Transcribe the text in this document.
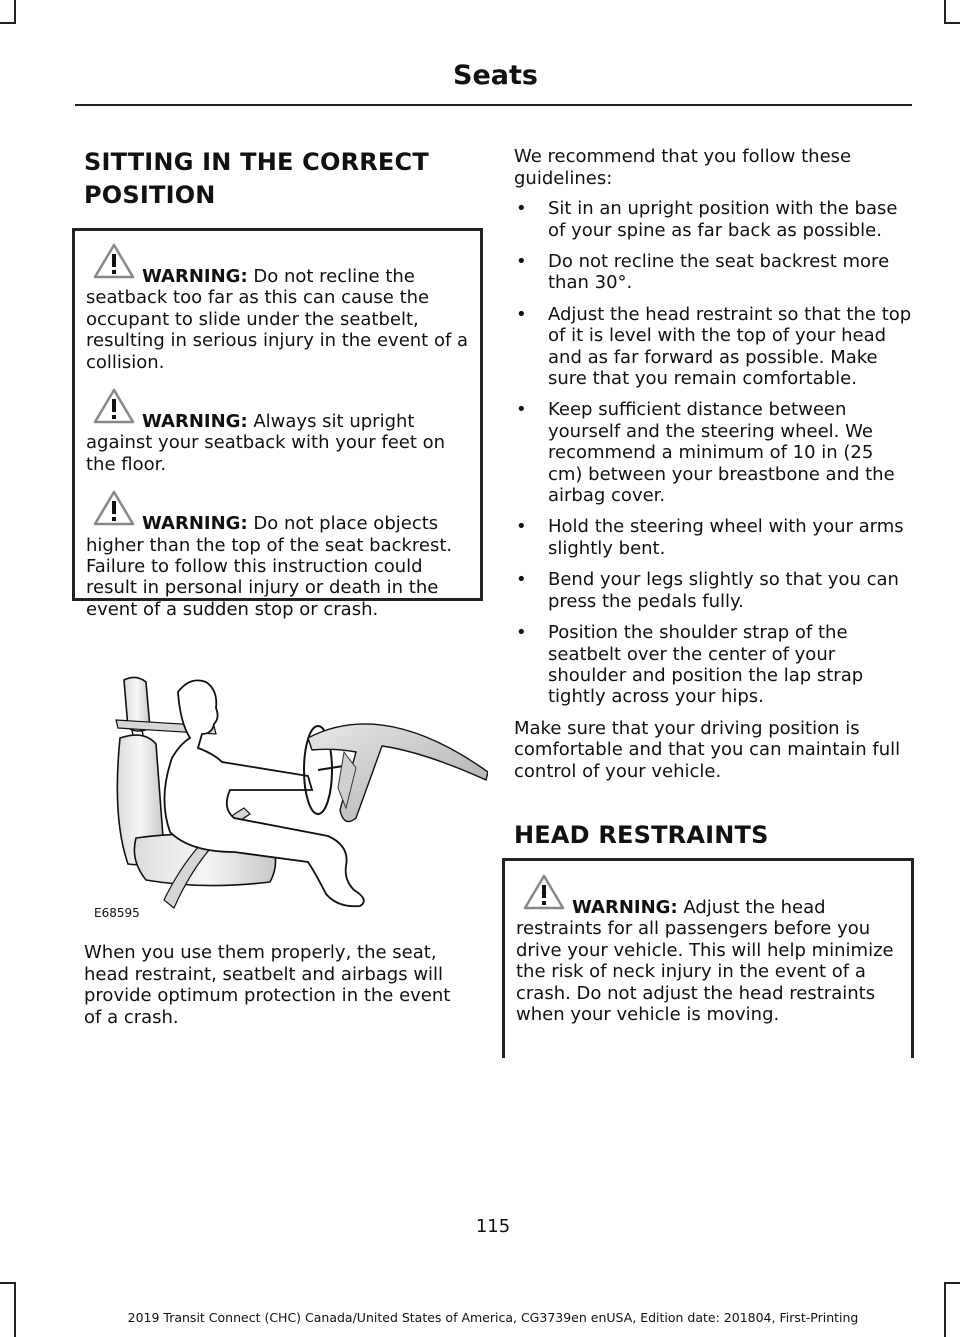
Seats
SITTING IN THE CORRECT
POSITION
WARNING: Do not recline the seatback too far as this can cause the occupant to slide under the seatbelt, resulting in serious injury in the event of a collision.
WARNING: Always sit upright against your seatback with your feet on the floor.
WARNING: Do not place objects higher than the top of the seat backrest. Failure to follow this instruction could result in personal injury or death in the event of a sudden stop or crash.
E68595

When you use them properly, the seat, head restraint, seatbelt and airbags will provide optimum protection in the event of a crash.

We recommend that you follow these guidelines:

• Sit in an upright position with the base of your spine as far back as possible.
• Do not recline the seat backrest more than 30°.
• Adjust the head restraint so that the top of it is level with the top of your head and as far forward as possible. Make sure that you remain comfortable.
• Keep sufficient distance between yourself and the steering wheel. We recommend a minimum of 10 in (25 cm) between your breastbone and the airbag cover.
• Hold the steering wheel with your arms slightly bent.
• Bend your legs slightly so that you can press the pedals fully.
• Position the shoulder strap of the seatbelt over the center of your shoulder and position the lap strap tightly across your hips.

Make sure that your driving position is comfortable and that you can maintain full control of your vehicle.

HEAD RESTRAINTS
WARNING: Adjust the head restraints for all passengers before you drive your vehicle. This will help minimize the risk of neck injury in the event of a crash. Do not adjust the head restraints when your vehicle is moving.
115
2019 Transit Connect (CHC) Canada/United States of America, CG3739en enUSA, Edition date: 201804, First-Printing
